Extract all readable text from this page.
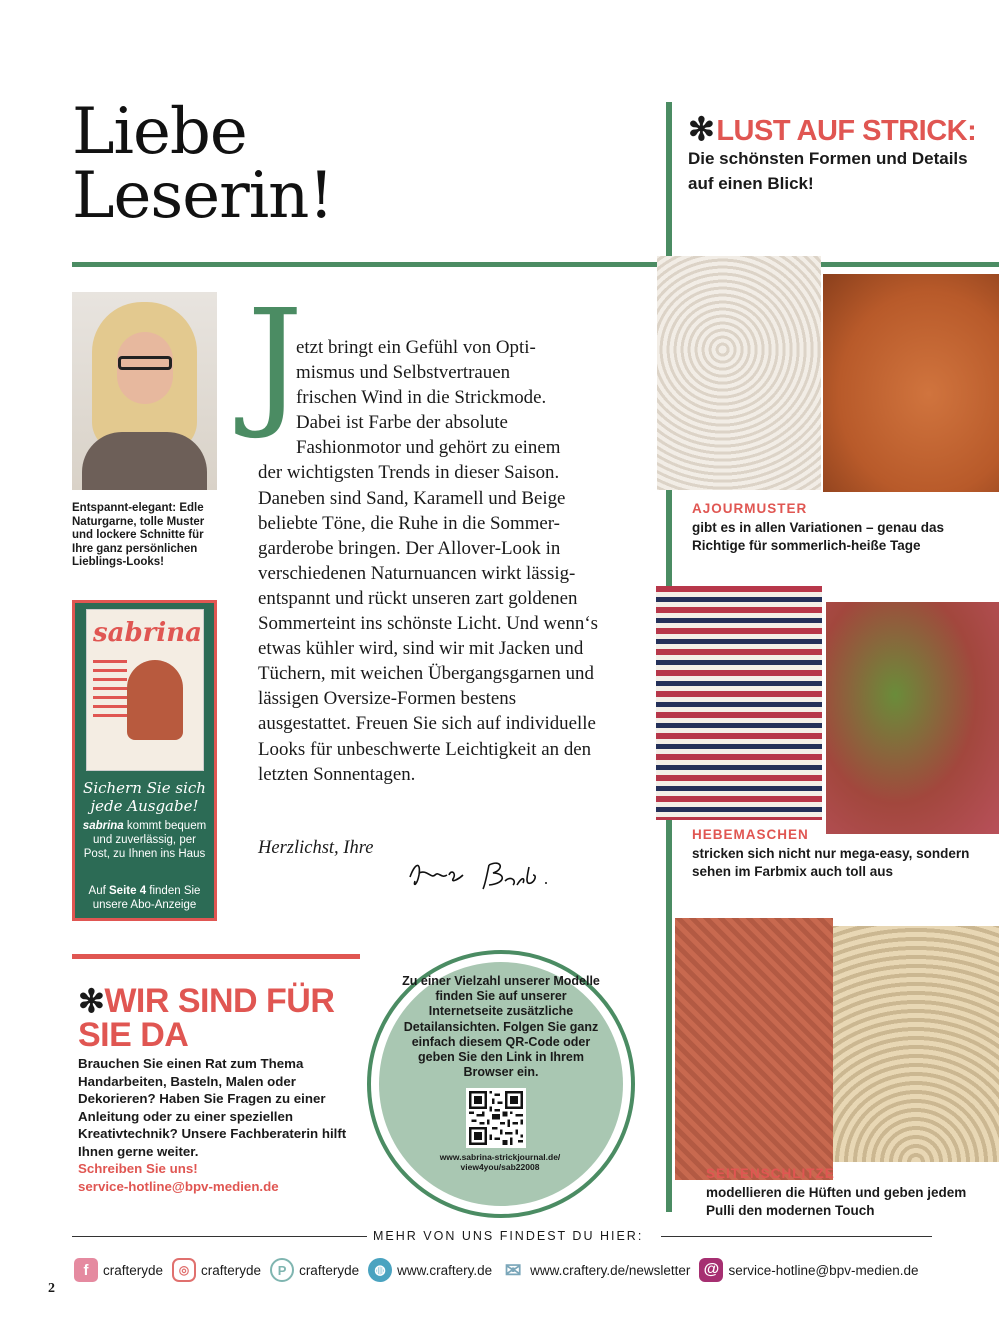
Liebe
Leserin!
✻LUST AUF STRICK:
Die schönsten Formen und Details auf einen Blick!
Entspannt-elegant: Edle Naturgarne, tolle Muster und lockere Schnitte für Ihre ganz persönlichen Lieblings-Looks!
sabrina
Sichern Sie sich jede Ausgabe!
sabrina kommt bequem und zuverlässig, per Post, zu Ihnen ins Haus
Auf Seite 4 finden Sie unsere Abo-Anzeige
J
etzt bringt ein Gefühl von Opti-
mismus und Selbstvertrauen
frischen Wind in die Strickmode.
Dabei ist Farbe der absolute
Fashionmotor und gehört zu einem

der wichtigsten Trends in dieser Saison. Daneben sind Sand, Karamell und Beige beliebte Töne, die Ruhe in die Sommer-garderobe bringen. Der Allover-Look in verschiedenen Naturnuancen wirkt lässig-entspannt und rückt unseren zart goldenen Sommerteint ins schönste Licht. Und wenn‘s etwas kühler wird, sind wir mit Jacken und Tüchern, mit weichen Übergangsgarnen und lässigen Oversize-Formen bestens ausgestattet. Freuen Sie sich auf individuelle Looks für unbeschwerte Leichtigkeit an den letzten Sonnentagen.

Herzlichst, Ihre
✻WIR SIND FÜR SIE DA
Brauchen Sie einen Rat zum Thema Handarbeiten, Basteln, Malen oder Dekorieren? Haben Sie Fragen zu einer Anleitung oder zu einer speziellen Kreativtechnik? Unsere Fachberaterin hilft Ihnen gerne weiter.
Schreiben Sie uns!
service-hotline@bpv-medien.de
Zu einer Vielzahl unserer Modelle finden Sie auf unserer Internetseite zusätzliche Detailansichten. Folgen Sie ganz einfach diesem QR-Code oder geben Sie den Link in Ihrem Browser ein.
www.sabrina-strickjournal.de/ view4you/sab22008
AJOURMUSTER
gibt es in allen Variationen – genau das Richtige für sommerlich-heiße Tage
HEBEMASCHEN
stricken sich nicht nur mega-easy, sondern sehen im Farbmix auch toll aus
SEITENSCHLITZE
modellieren die Hüften und geben jedem Pulli den modernen Touch
MEHR VON UNS FINDEST DU HIER:
f	crafteryde	◎ crafteryde	P crafteryde	◍ www.craftery.de ✉ www.craftery.de/newsletter @ service-hotline@bpv-medien.de
2
